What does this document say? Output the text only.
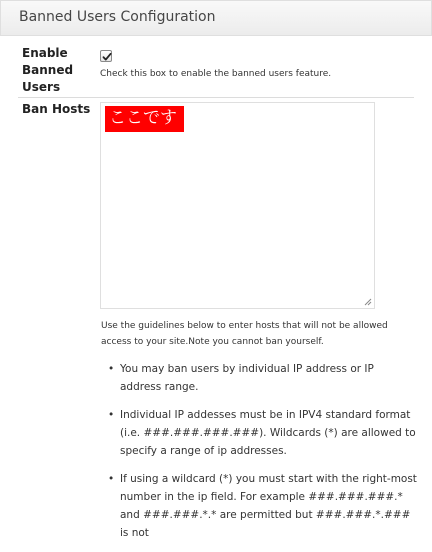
Banned Users Configuration
Enable
Banned
Users
Check this box to enable the banned users feature.
Ban Hosts ここです
Use the guidelines below to enter hosts that will not be allowed
access to your site.Note you cannot ban yourself.
• You may ban users by individual IP address or IP address range.
• Individual IP addesses must be in IPV4 standard format (i.e. ###.###.###.###). Wildcards (*) are allowed to specify a range of ip addresses.
• If using a wildcard (*) you must start with the right-most number in the ip field. For example ###.###.###.* and ###.###.*.* are permitted but ###.###.*.### is not
